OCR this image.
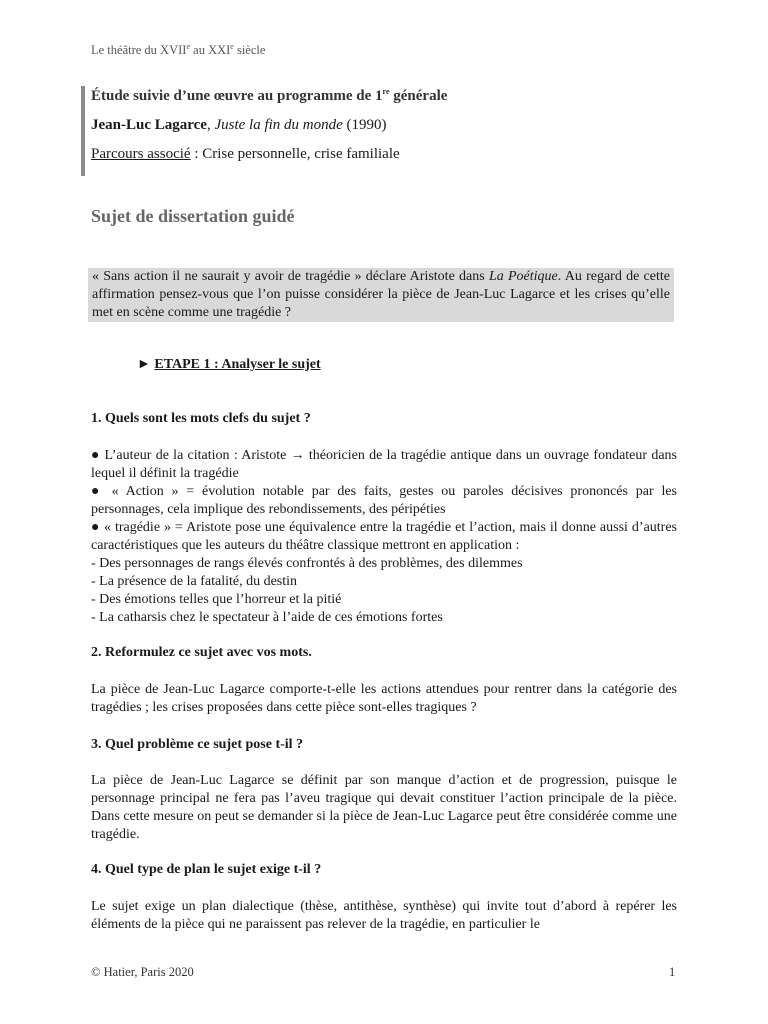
Le théâtre du XVIIe au XXIe siècle
Étude suivie d’une œuvre au programme de 1re générale
Jean-Luc Lagarce, Juste la fin du monde (1990)
Parcours associé : Crise personnelle, crise familiale
Sujet de dissertation guidé
« Sans action il ne saurait y avoir de tragédie » déclare Aristote dans La Poétique. Au regard de cette affirmation pensez-vous que l’on puisse considérer la pièce de Jean-Luc Lagarce et les crises qu’elle met en scène comme une tragédie ?
► ETAPE 1 : Analyser le sujet
1. Quels sont les mots clefs du sujet ?
● L’auteur de la citation : Aristote → théoricien de la tragédie antique dans un ouvrage fondateur dans lequel il définit la tragédie
● « Action » = évolution notable par des faits, gestes ou paroles décisives prononcés par les personnages, cela implique des rebondissements, des péripéties
● « tragédie » = Aristote pose une équivalence entre la tragédie et l’action, mais il donne aussi d’autres caractéristiques que les auteurs du théâtre classique mettront en application :
- Des personnages de rangs élevés confrontés à des problèmes, des dilemmes
- La présence de la fatalité, du destin
- Des émotions telles que l’horreur et la pitié
- La catharsis chez le spectateur à l’aide de ces émotions fortes
2. Reformulez ce sujet avec vos mots.
La pièce de Jean-Luc Lagarce comporte-t-elle les actions attendues pour rentrer dans la catégorie des tragédies ; les crises proposées dans cette pièce sont-elles tragiques ?
3. Quel problème ce sujet pose t-il ?
La pièce de Jean-Luc Lagarce se définit par son manque d’action et de progression, puisque le personnage principal ne fera pas l’aveu tragique qui devait constituer l’action principale de la pièce. Dans cette mesure on peut se demander si la pièce de Jean-Luc Lagarce peut être considérée comme une tragédie.
4. Quel type de plan le sujet exige t-il ?
Le sujet exige un plan dialectique (thèse, antithèse, synthèse) qui invite tout d’abord à repérer les éléments de la pièce qui ne paraissent pas relever de la tragédie, en particulier le
© Hatier, Paris 2020	1
